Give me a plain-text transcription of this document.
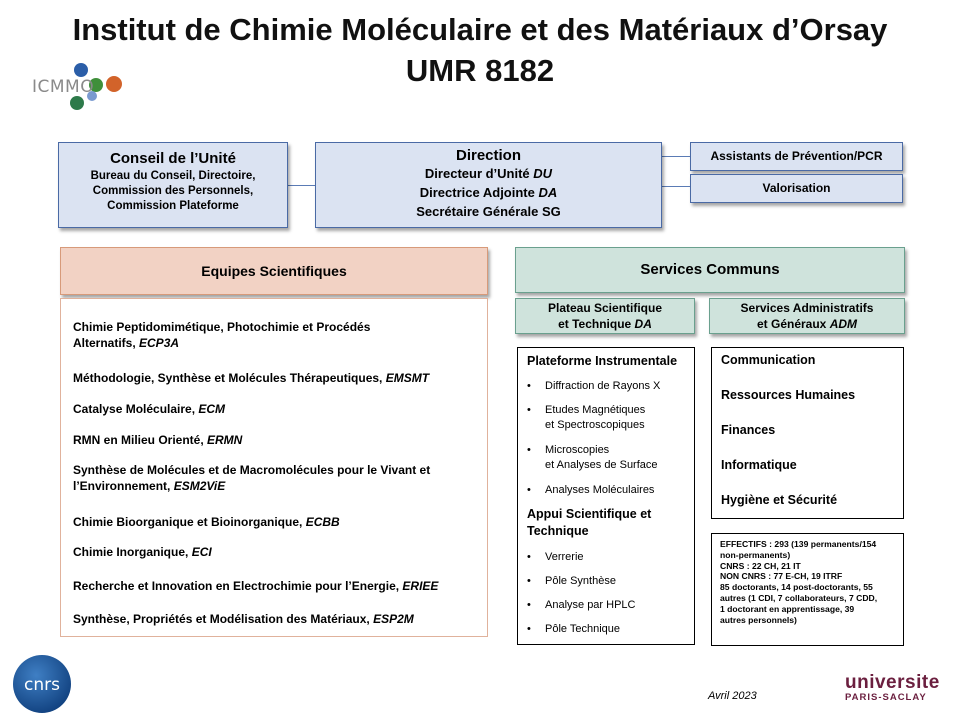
Institut de Chimie Moléculaire et des Matériaux d’Orsay
UMR 8182
ICMMO
Conseil de l’Unité
Bureau du Conseil, Directoire,
Commission des Personnels,
Commission Plateforme
Direction
Directeur d’Unité DU
Directrice Adjointe DA
Secrétaire Générale SG
Assistants de Prévention/PCR
Valorisation
Equipes Scientifiques
Chimie Peptidomimétique, Photochimie et Procédés
Alternatifs, ECP3A
Méthodologie, Synthèse et Molécules Thérapeutiques, EMSMT
Catalyse Moléculaire, ECM
RMN en Milieu Orienté, ERMN
Synthèse de Molécules et de Macromolécules pour le Vivant et
l’Environnement, ESM2ViE
Chimie Bioorganique et Bioinorganique, ECBB
Chimie Inorganique, ECI
Recherche et Innovation en Electrochimie pour l’Energie, ERIEE
Synthèse, Propriétés et Modélisation des Matériaux, ESP2M
Services Communs
Plateau Scientifique
et Technique DA
Services Administratifs
et Généraux ADM
Plateforme Instrumentale
• Diffraction de Rayons X
• Etudes Magnétiques
et Spectroscopiques
• Microscopies
et Analyses de Surface
• Analyses Moléculaires
Appui Scientifique et
Technique
• Verrerie
• Pôle Synthèse
• Analyse par HPLC
• Pôle Technique
Communication
Ressources Humaines
Finances
Informatique
Hygiène et Sécurité
EFFECTIFS : 293 (139 permanents/154
non-permanents)
CNRS : 22 CH, 21 IT
NON CNRS : 77 E-CH, 19 ITRF
85 doctorants, 14 post-doctorants, 55
autres (1 CDI, 7 collaborateurs, 7 CDD,
1 doctorant en apprentissage, 39
autres personnels)
cnrs
Avril 2023
universite
PARIS-SACLAY
